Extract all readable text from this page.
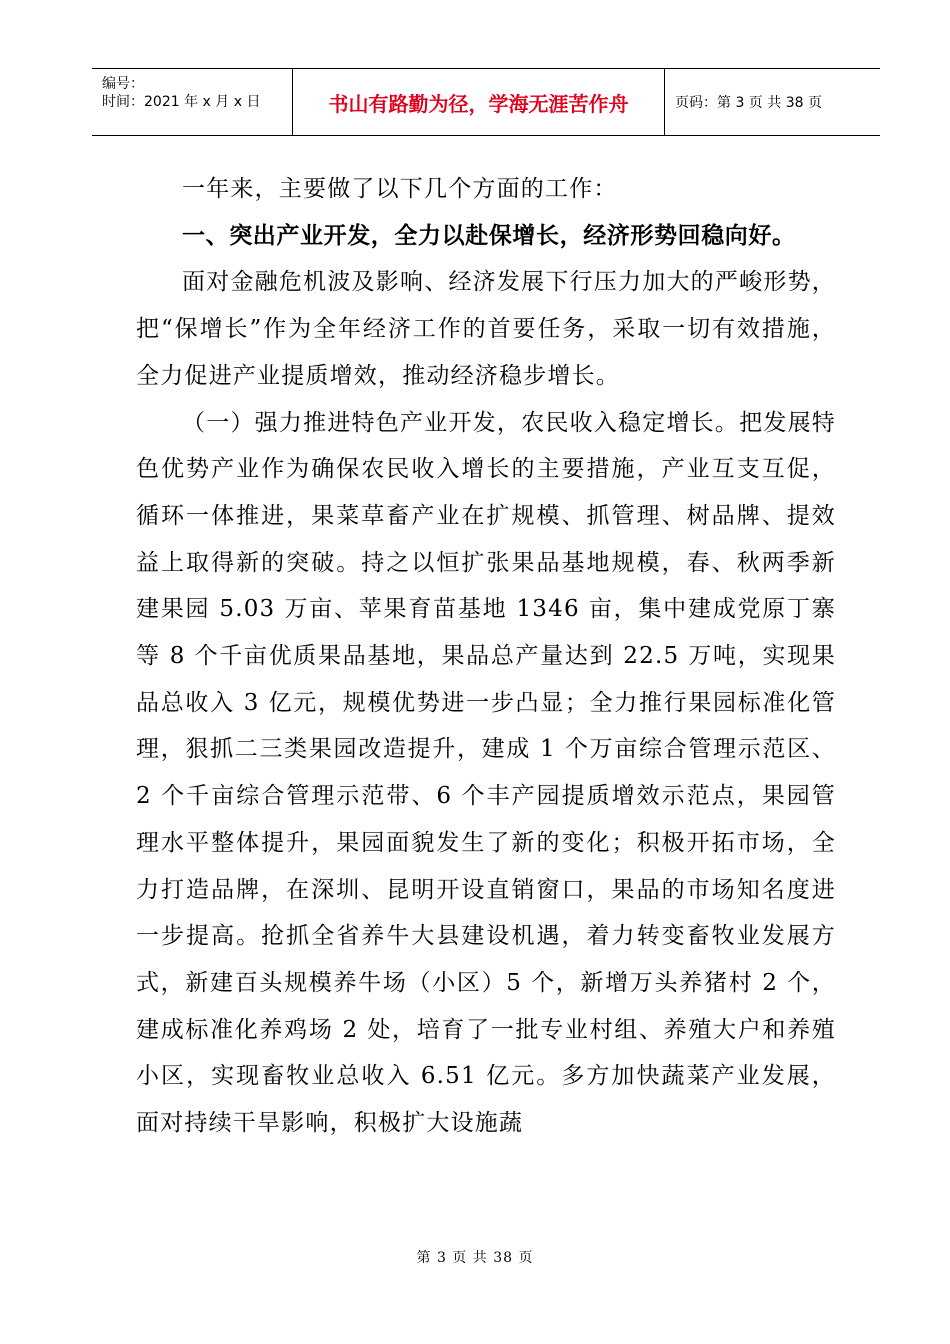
编号：
时间：2021 年 x 月 x 日	书山有路勤为径，学海无涯苦作舟	页码：第 3 页 共 38 页

一年来，主要做了以下几个方面的工作：

一、突出产业开发，全力以赴保增长，经济形势回稳向好。

面对金融危机波及影响、经济发展下行压力加大的严峻形势，把“保增长”作为全年经济工作的首要任务，采取一切有效措施，全力促进产业提质增效，推动经济稳步增长。

（一）强力推进特色产业开发，农民收入稳定增长。把发展特色优势产业作为确保农民收入增长的主要措施，产业互支互促，循环一体推进，果菜草畜产业在扩规模、抓管理、树品牌、提效益上取得新的突破。持之以恒扩张果品基地规模，春、秋两季新建果园 5.03 万亩、苹果育苗基地 1346 亩，集中建成党原丁寨等 8 个千亩优质果品基地，果品总产量达到 22.5 万吨，实现果品总收入 3 亿元，规模优势进一步凸显；全力推行果园标准化管理，狠抓二三类果园改造提升，建成 1 个万亩综合管理示范区、2 个千亩综合管理示范带、6 个丰产园提质增效示范点，果园管理水平整体提升，果园面貌发生了新的变化；积极开拓市场，全力打造品牌，在深圳、昆明开设直销窗口，果品的市场知名度进一步提高。抢抓全省养牛大县建设机遇，着力转变畜牧业发展方式，新建百头规模养牛场（小区）5 个，新增万头养猪村 2 个，建成标准化养鸡场 2 处，培育了一批专业村组、养殖大户和养殖小区，实现畜牧业总收入 6.51 亿元。多方加快蔬菜产业发展，面对持续干旱影响，积极扩大设施蔬

第 3 页 共 38 页
